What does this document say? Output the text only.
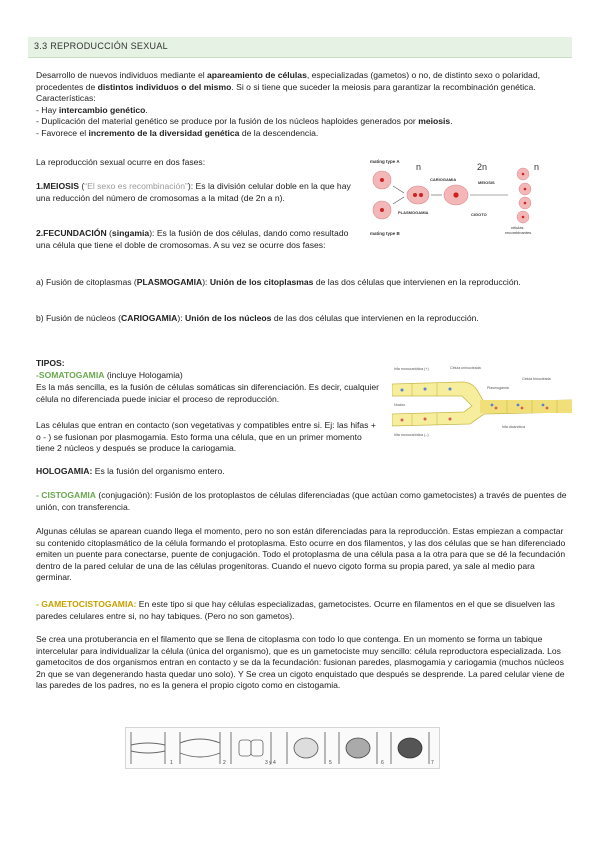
3.3 REPRODUCCIÓN SEXUAL
Desarrollo de nuevos individuos mediante el apareamiento de células, especializadas (gametos) o no, de distinto sexo o polaridad, procedentes de distintos individuos o del mismo. Si o si tiene que suceder la meiosis para garantizar la recombinación genética. Características:
- Hay intercambio genético.
- Duplicación del material genético se produce por la fusión de los núcleos haploides generados por meiosis.
- Favorece el incremento de la diversidad genética de la descendencia.
La reproducción sexual ocurre en dos fases:
1.MEIOSIS (“El sexo es recombinación”): Es la división celular doble en la que hay una reducción del número de cromosomas a la mitad (de 2n a n).
2.FECUNDACIÓN (singamia): Es la fusión de dos células, dando como resultado una célula que tiene el doble de cromosomas. A su vez se ocurre dos fases:
a) Fusión de citoplasmas (PLASMOGAMIA): Unión de los citoplasmas de las dos células que intervienen en la reproducción.
b) Fusión de núcleos (CARIOGAMIA): Unión de los núcleos de las dos células que intervienen en la reproducción.
mating type A
mating type B
n	2n	n
PLASMOGAMIA
CARIOGAMIA
CIGOTO
MEIOSIS
células
recombinantes
TIPOS:
-SOMATOGAMIA (incluye Hologamia)
Es la más sencilla, es la fusión de células somáticas sin diferenciación. Es decir, cualquier célula no diferenciada puede iniciar el proceso de reproducción.
Las células que entran en contacto (son vegetativas y compatibles entre si. Ej: las hifas + o - ) se fusionan por plasmogamia. Esto forma una célula, que en un primer momento tiene 2 núcleos y después se produce la cariogamia.
hifa monocariótica (+)	Célula uninucleada
Célula binucleada
Plasmogamia
Núcleo
hifa monocariótica (–)
hifa dicariótica
HOLOGAMIA: Es la fusión del organismo entero.
- CISTOGAMIA (conjugación): Fusión de los protoplastos de células diferenciadas (que actúan como gametocistes) a través de puentes de unión, con transferencia.
Algunas células se aparean cuando llega el momento, pero no son están diferenciadas para la reproducción. Estas empiezan a compactar su contenido citoplasmático de la célula formando el protoplasma. Esto ocurre en dos filamentos, y las dos células que se han diferenciado emiten un puente para conectarse, puente de conjugación. Todo el protoplasma de una célula pasa a la otra para que se dé la fecundación dentro de la pared celular de una de las células progenitoras. Cuando el nuevo cigoto forma su propia pared, ya sale al medio para germinar.
- GAMETOCISTOGAMIA: En este tipo si que hay células especializadas, gametocistes. Ocurre en filamentos en el que se disuelven las paredes celulares entre si, no hay tabiques. (Pero no son gametos).
Se crea una protuberancia en el filamento que se llena de citoplasma con todo lo que contenga. En un momento se forma un tabique intercelular para individualizar la célula (única del organismo), que es un gametociste muy sencillo: célula reproductora especializada. Los gametocitos de dos organismos entran en contacto y se da la fecundación: fusionan paredes, plasmogamia y cariogamia (muchos núcleos 2n que se van degenerando hasta quedar uno solo). Y Se crea un cigoto enquistado que después se desprende. La pared celular viene de las paredes de los padres, no es la genera el propio cigoto como en cistogamia.
1	2	3 y 4	5	6	7
